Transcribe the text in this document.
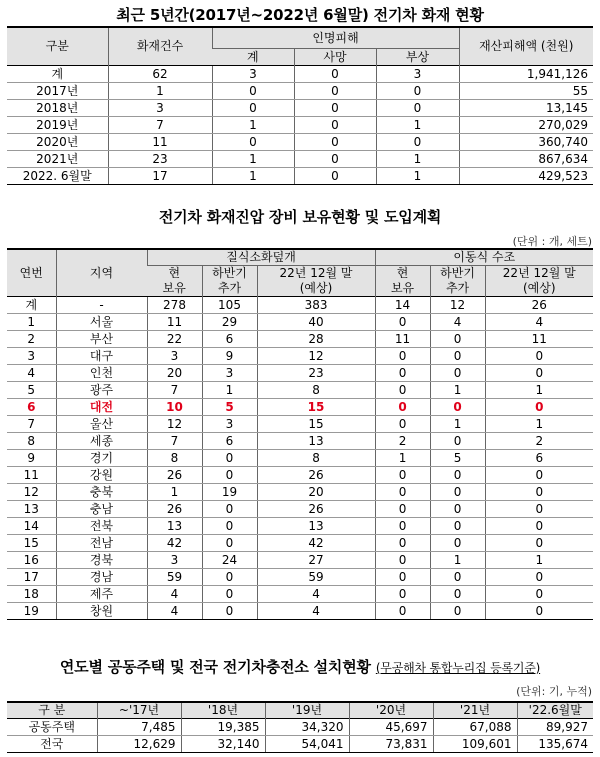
최근 5년간(2017년~2022년 6월말) 전기차 화재 현황
구분	화재건수	인명피해			재산피해액 (천원)
		계	사망	부상	
계	62	3	0	3	1,941,126
2017년	1	0	0	0	55
2018년	3	0	0	0	13,145
2019년	7	1	0	1	270,029
2020년	11	0	0	0	360,740
2021년	23	1	0	1	867,634
2022. 6월말	17	1	0	1	429,523
전기차 화재진압 장비 보유현황 및 도입계획
(단위 : 개, 세트)
연번	지역	질식소화덮개			이동식 수조		
		현	하반기	22년 12월 말	현	하반기	22년 12월 말
		보유	추가	(예상)	보유	추가	(예상)
계	-	278	105	383	14	12	26
1	서울	11	29	40	0	4	4
2	부산	22	6	28	11	0	11
3	대구	3	9	12	0	0	0
4	인천	20	3	23	0	0	0
5	광주	7	1	8	0	1	1
6	대전	10	5	15	0	0	0
7	울산	12	3	15	0	1	1
8	세종	7	6	13	2	0	2
9	경기	8	0	8	1	5	6
11	강원	26	0	26	0	0	0
12	충북	1	19	20	0	0	0
13	충남	26	0	26	0	0	0
14	전북	13	0	13	0	0	0
15	전남	42	0	42	0	0	0
16	경북	3	24	27	0	1	1
17	경남	59	0	59	0	0	0
18	제주	4	0	4	0	0	0
19	창원	4	0	4	0	0	0
연도별 공동주택 및 전국 전기차충전소 설치현황 (무공해차 통합누리집 등록기준)
(단위: 기, 누적)
구 분	~'17년	'18년	'19년	'20년	'21년	'22.6월말
공동주택	7,485	19,385	34,320	45,697	67,088	89,927
전국	12,629	32,140	54,041	73,831	109,601	135,674
